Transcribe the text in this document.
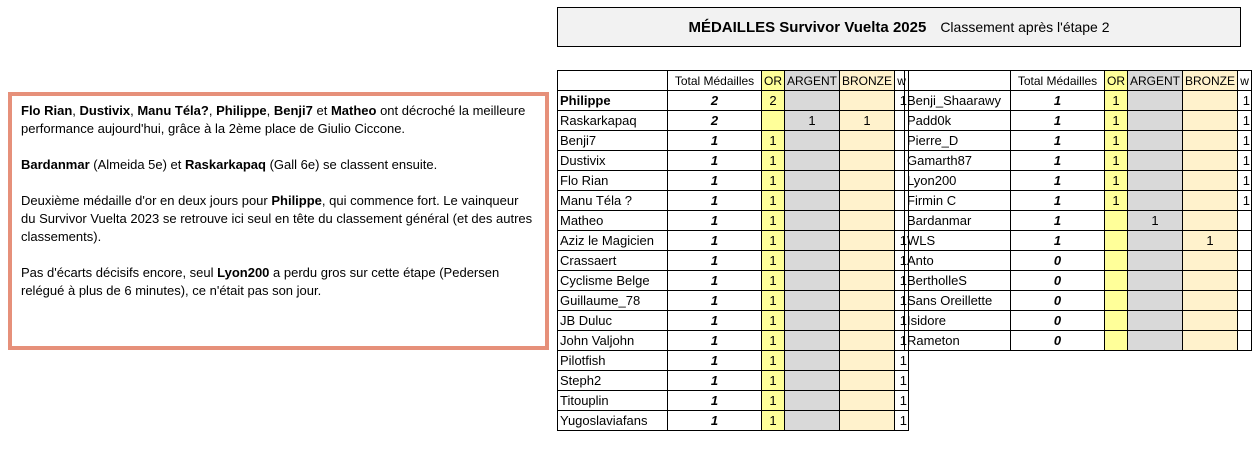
MÉDAILLES Survivor Vuelta 2025 Classement après l'étape 2

Flo Rian, Dustivix, Manu Téla?, Philippe, Benji7 et Matheo ont décroché la meilleure performance aujourd'hui, grâce à la 2ème place de Giulio Ciccone.

Bardanmar (Almeida 5e) et Raskarkapaq (Gall 6e) se classent ensuite.

Deuxième médaille d'or en deux jours pour Philippe, qui commence fort. Le vainqueur du Survivor Vuelta 2023 se retrouve ici seul en tête du classement général (et des autres classements).

Pas d'écarts décisifs encore, seul Lyon200 a perdu gros sur cette étape (Pedersen relégué à plus de 6 minutes), ce n'était pas son jour.

	Total Médailles	OR	ARGENT	BRONZE	w
Philippe	2	2			1
Raskarkapaq	2		1	1	
Benji7	1	1			
Dustivix	1	1			
Flo Rian	1	1			
Manu Téla ?	1	1			
Matheo	1	1			
Aziz le Magicien	1	1			1
Crassaert	1	1			1
Cyclisme Belge	1	1			1
Guillaume_78	1	1			1
JB Duluc	1	1			1
John Valjohn	1	1			1
Pilotfish	1	1			1
Steph2	1	1			1
Titouplin	1	1			1
Yugoslaviafans	1	1			1
	Total Médailles	OR	ARGENT	BRONZE	w
Benji_Shaarawy	1	1			1
Padd0k	1	1			1
Pierre_D	1	1			1
Gamarth87	1	1			1
Lyon200	1	1			1
Firmin C	1	1			1
Bardanmar	1		1		
WLS	1			1	
Anto	0				
BertholleS	0				
Sans Oreillette	0				
Isidore	0				
Rameton	0				
